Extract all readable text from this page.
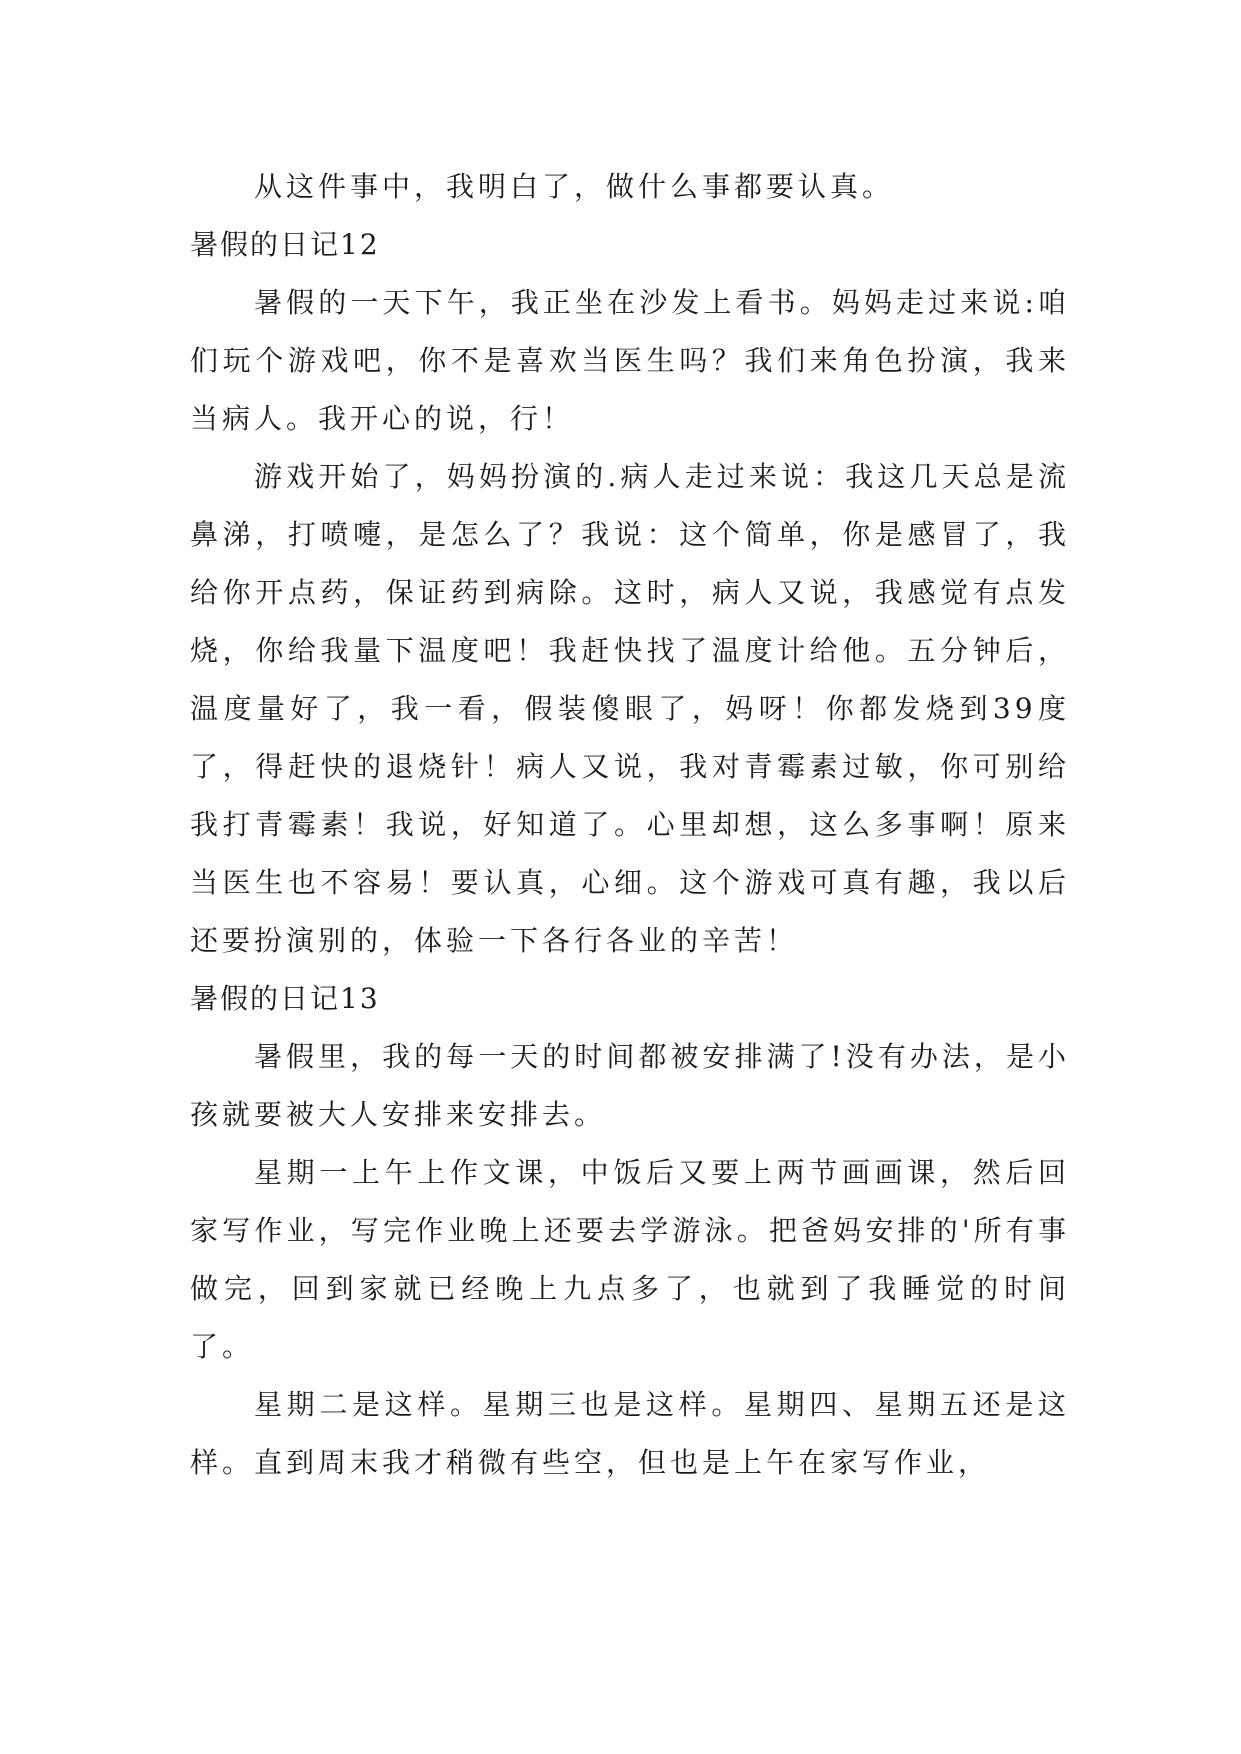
从这件事中，我明白了，做什么事都要认真。

暑假的日记12

暑假的一天下午，我正坐在沙发上看书。妈妈走过来说:咱们玩个游戏吧，你不是喜欢当医生吗？我们来角色扮演，我来当病人。我开心的说，行！

游戏开始了，妈妈扮演的.病人走过来说：我这几天总是流鼻涕，打喷嚏，是怎么了？我说：这个简单，你是感冒了，我给你开点药，保证药到病除。这时，病人又说，我感觉有点发烧，你给我量下温度吧！我赶快找了温度计给他。五分钟后，温度量好了，我一看，假装傻眼了，妈呀！你都发烧到39度了，得赶快的退烧针！病人又说，我对青霉素过敏，你可别给我打青霉素！我说，好知道了。心里却想，这么多事啊！原来当医生也不容易！要认真，心细。这个游戏可真有趣，我以后还要扮演别的，体验一下各行各业的辛苦！

暑假的日记13

暑假里，我的每一天的时间都被安排满了!没有办法，是小孩就要被大人安排来安排去。

星期一上午上作文课，中饭后又要上两节画画课，然后回家写作业，写完作业晚上还要去学游泳。把爸妈安排的'所有事做完，回到家就已经晚上九点多了，也就到了我睡觉的时间了。

星期二是这样。星期三也是这样。星期四、星期五还是这样。直到周末我才稍微有些空，但也是上午在家写作业，
